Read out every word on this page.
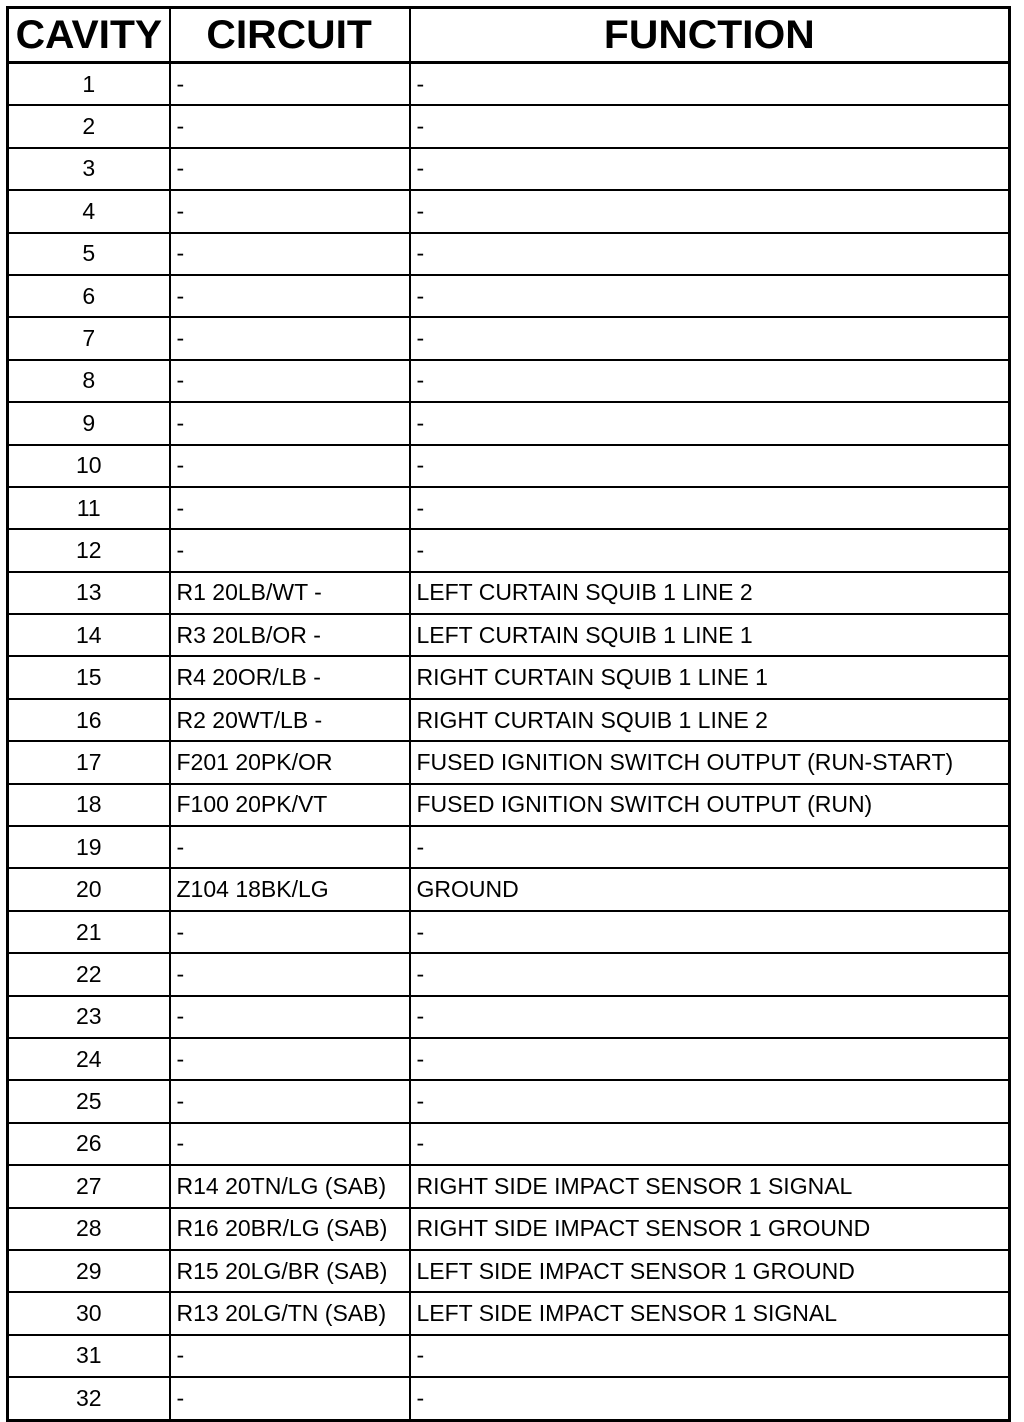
CAVITY	CIRCUIT	FUNCTION
1	-	-
2	-	-
3	-	-
4	-	-
5	-	-
6	-	-
7	-	-
8	-	-
9	-	-
10	-	-
11	-	-
12	-	-
13	R1 20LB/WT -	LEFT CURTAIN SQUIB 1 LINE 2
14	R3 20LB/OR -	LEFT CURTAIN SQUIB 1 LINE 1
15	R4 20OR/LB -	RIGHT CURTAIN SQUIB 1 LINE 1
16	R2 20WT/LB -	RIGHT CURTAIN SQUIB 1 LINE 2
17	F201 20PK/OR	FUSED IGNITION SWITCH OUTPUT (RUN-START)
18	F100 20PK/VT	FUSED IGNITION SWITCH OUTPUT (RUN)
19	-	-
20	Z104 18BK/LG	GROUND
21	-	-
22	-	-
23	-	-
24	-	-
25	-	-
26	-	-
27	R14 20TN/LG (SAB)	RIGHT SIDE IMPACT SENSOR 1 SIGNAL
28	R16 20BR/LG (SAB)	RIGHT SIDE IMPACT SENSOR 1 GROUND
29	R15 20LG/BR (SAB)	LEFT SIDE IMPACT SENSOR 1 GROUND
30	R13 20LG/TN (SAB)	LEFT SIDE IMPACT SENSOR 1 SIGNAL
31	-	-
32	-	-
